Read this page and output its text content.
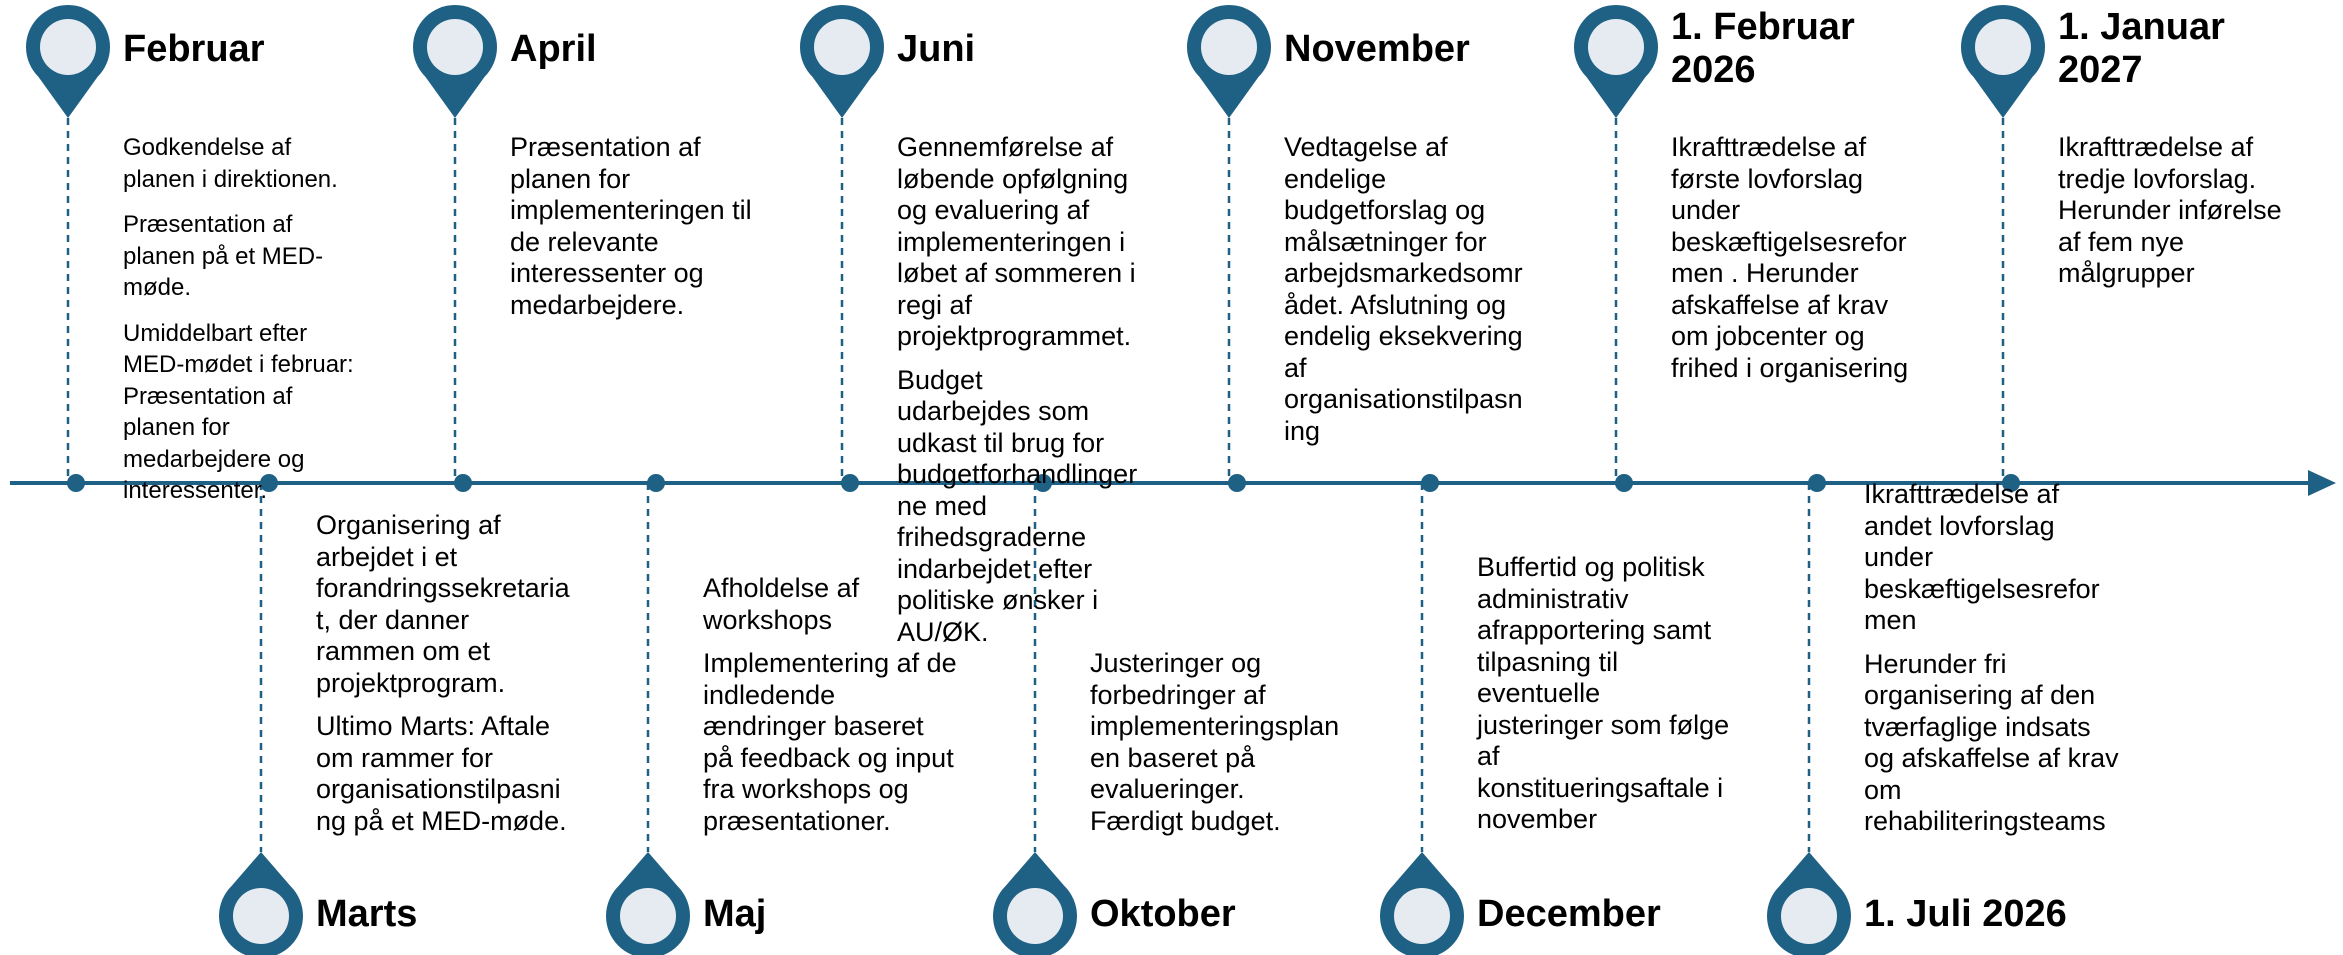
Februar

Godkendelse af
planen i direktionen.

Præsentation af
planen på et MED-
møde.

Umiddelbart efter
MED-mødet i februar:
Præsentation af
planen for
medarbejdere og
interessenter.

Marts

Organisering af
arbejdet i et
forandringssekretaria
t, der danner
rammen om et
projektprogram.

Ultimo Marts: Aftale
om rammer for
organisationstilpasni
ng på et MED-møde.

April

Præsentation af
planen for
implementeringen til
de relevante
interessenter og
medarbejdere.

Maj

Afholdelse af
workshops

Implementering af de
indledende
ændringer baseret
på feedback og input
fra workshops og
præsentationer.

Juni

Gennemførelse af
løbende opfølgning
og evaluering af
implementeringen i
løbet af sommeren i
regi af
projektprogrammet.

Budget
udarbejdes som
udkast til brug for
budgetforhandlinger
ne med
frihedsgraderne
indarbejdet efter
politiske ønsker i
AU/ØK.

Oktober

Justeringer og
forbedringer af
implementeringsplan
en baseret på
evalueringer.
Færdigt budget.

November

Vedtagelse af
endelige
budgetforslag og
målsætninger for
arbejdsmarkedsomr
ådet. Afslutning og
endelig eksekvering
af
organisationstilpasn
ing

December

Buffertid og politisk
administrativ
afrapportering samt
tilpasning til
eventuelle
justeringer som følge
af
konstitueringsaftale i
november

1. Februar
2026

Ikrafttrædelse af
første lovforslag
under
beskæftigelsesrefor
men . Herunder
afskaffelse af krav
om jobcenter og
frihed i organisering

1. Juli 2026

Ikrafttrædelse af
andet lovforslag
under
beskæftigelsesrefor
men

Herunder fri
organisering af den
tværfaglige indsats
og afskaffelse af krav
om
rehabiliteringsteams

1. Januar
2027

Ikrafttrædelse af
tredje lovforslag.
Herunder inførelse
af fem nye
målgrupper
